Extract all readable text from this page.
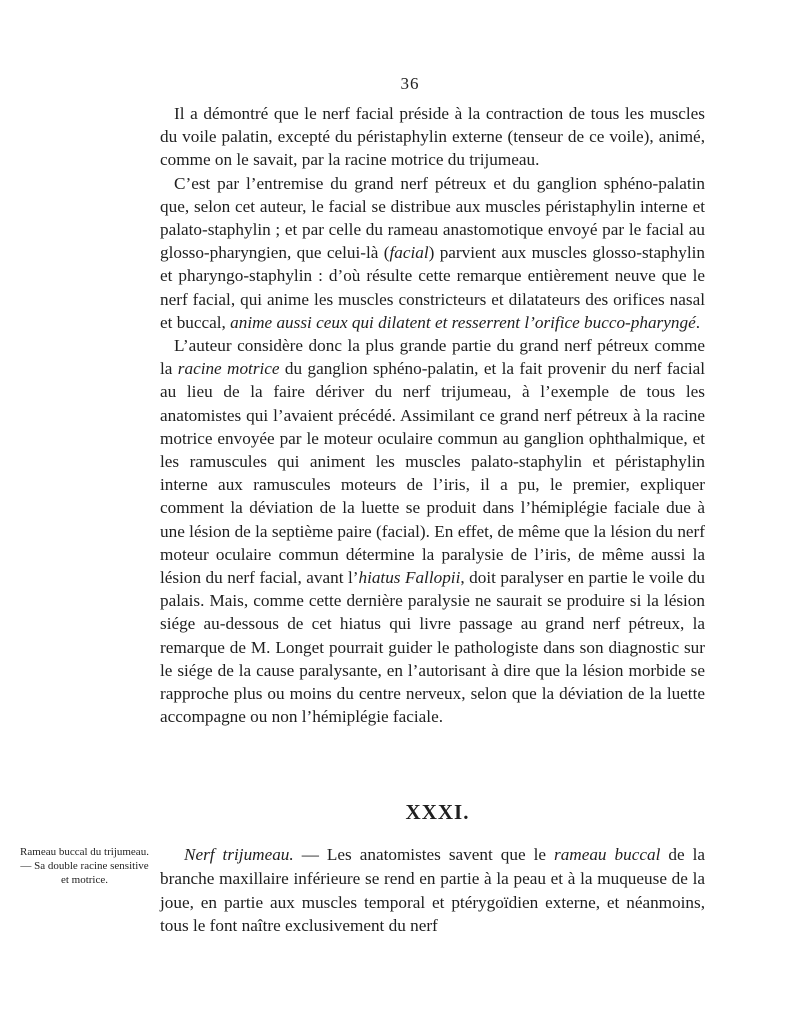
36

Il a démontré que le nerf facial préside à la contraction de tous les muscles du voile palatin, excepté du péristaphylin externe (tenseur de ce voile), animé, comme on le savait, par la racine motrice du trijumeau.

C’est par l’entremise du grand nerf pétreux et du ganglion sphéno-palatin que, selon cet auteur, le facial se distribue aux muscles péristaphylin interne et palato-staphylin ; et par celle du rameau anastomotique envoyé par le facial au glosso-pharyngien, que celui-là (facial) parvient aux muscles glosso-staphylin et pharyngo-staphylin : d’où résulte cette remarque entièrement neuve que le nerf facial, qui anime les muscles constricteurs et dilatateurs des orifices nasal et buccal, anime aussi ceux qui dilatent et resserrent l’orifice bucco-pharyngé.

L’auteur considère donc la plus grande partie du grand nerf pétreux comme la racine motrice du ganglion sphéno-palatin, et la fait provenir du nerf facial au lieu de la faire dériver du nerf trijumeau, à l’exemple de tous les anatomistes qui l’avaient précédé. Assimilant ce grand nerf pétreux à la racine motrice envoyée par le moteur oculaire commun au ganglion ophthalmique, et les ramuscules qui animent les muscles palato-staphylin et péristaphylin interne aux ramuscules moteurs de l’iris, il a pu, le premier, expliquer comment la déviation de la luette se produit dans l’hémiplégie faciale due à une lésion de la septième paire (facial). En effet, de même que la lésion du nerf moteur oculaire commun détermine la paralysie de l’iris, de même aussi la lésion du nerf facial, avant l’hiatus Fallopii, doit paralyser en partie le voile du palais. Mais, comme cette dernière paralysie ne saurait se produire si la lésion siége au-dessous de cet hiatus qui livre passage au grand nerf pétreux, la remarque de M. Longet pourrait guider le pathologiste dans son diagnostic sur le siége de la cause paralysante, en l’autorisant à dire que la lésion morbide se rapproche plus ou moins du centre nerveux, selon que la déviation de la luette accompagne ou non l’hémiplégie faciale.

XXXI.
Rameau buccal du trijumeau. — Sa double racine sensitive et motrice.

Nerf trijumeau. — Les anatomistes savent que le rameau buccal de la branche maxillaire inférieure se rend en partie à la peau et à la muqueuse de la joue, en partie aux muscles temporal et ptérygoïdien externe, et néanmoins, tous le font naître exclusivement du nerf
